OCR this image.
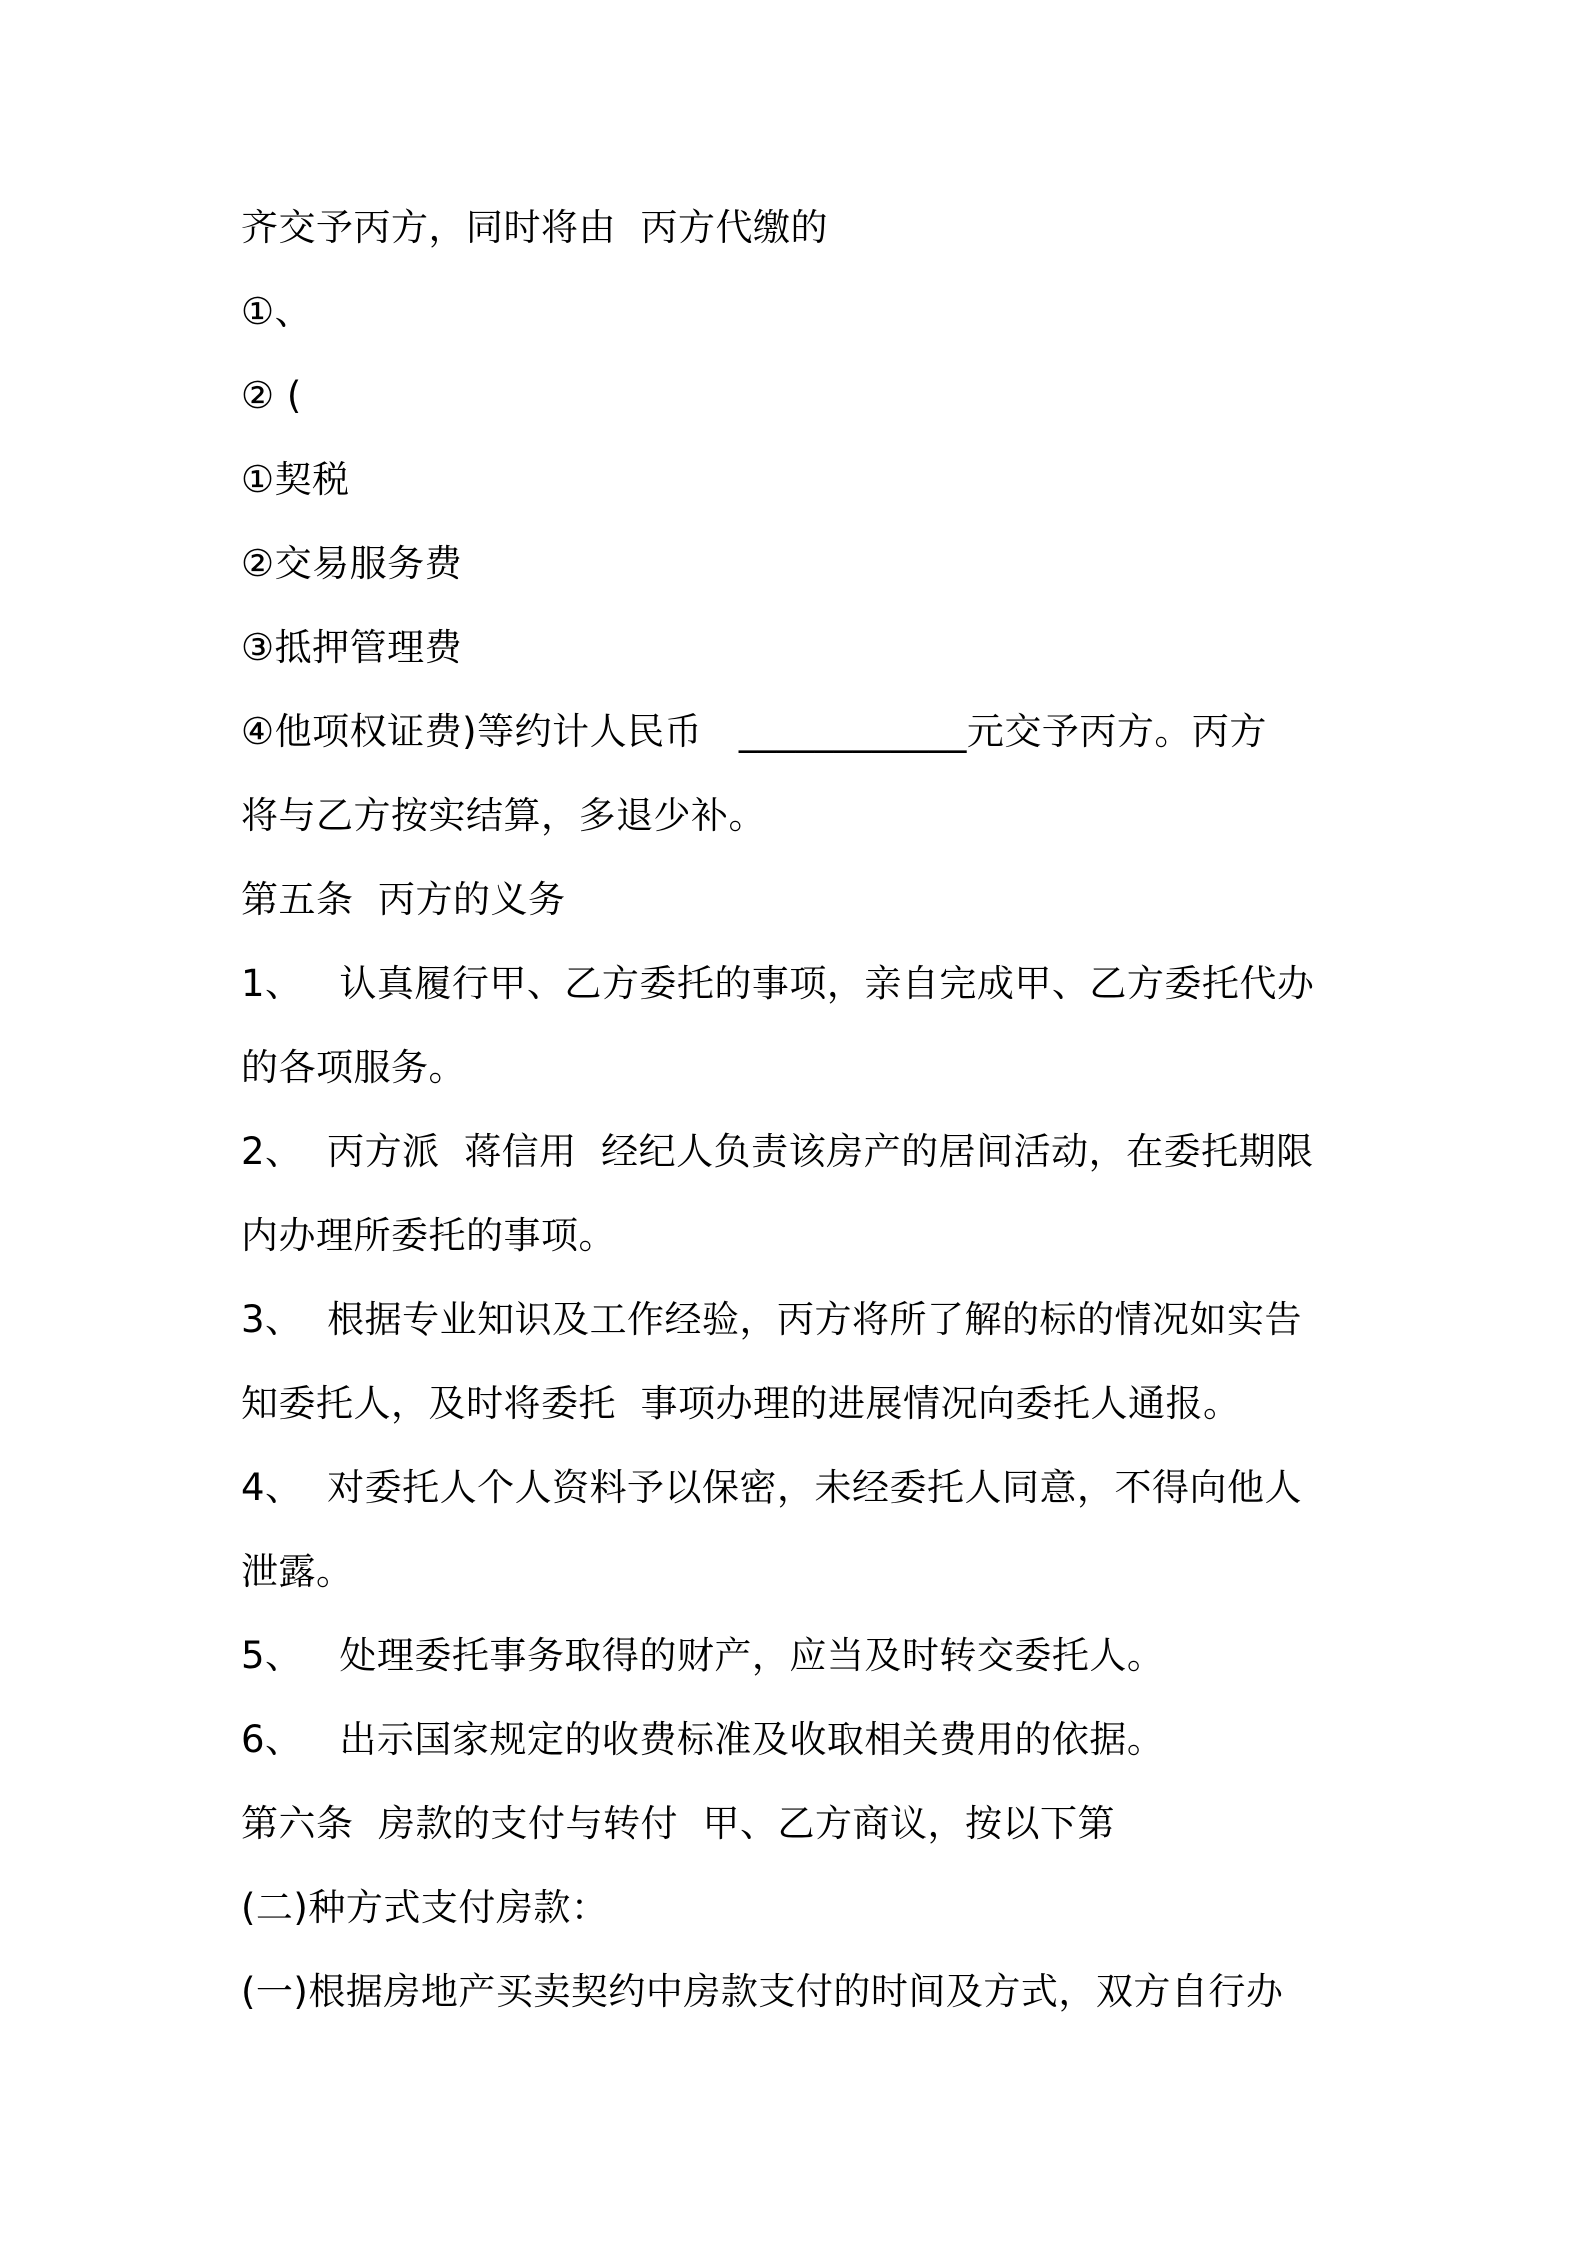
齐交予丙方，同时将由  丙方代缴的
①、
② (
①契税
②交易服务费
③抵押管理费
④他项权证费)等约计人民币   ____________元交予丙方。丙方
将与乙方按实结算，多退少补。
第五条  丙方的义务
1、   认真履行甲、乙方委托的事项，亲自完成甲、乙方委托代办
的各项服务。
2、  丙方派  蒋信用  经纪人负责该房产的居间活动，在委托期限
内办理所委托的事项。
3、  根据专业知识及工作经验，丙方将所了解的标的情况如实告
知委托人，及时将委托  事项办理的进展情况向委托人通报。
4、  对委托人个人资料予以保密，未经委托人同意，不得向他人
泄露。
5、   处理委托事务取得的财产，应当及时转交委托人。
6、   出示国家规定的收费标准及收取相关费用的依据。
第六条  房款的支付与转付  甲、乙方商议，按以下第
(二)种方式支付房款：
(一)根据房地产买卖契约中房款支付的时间及方式，双方自行办
